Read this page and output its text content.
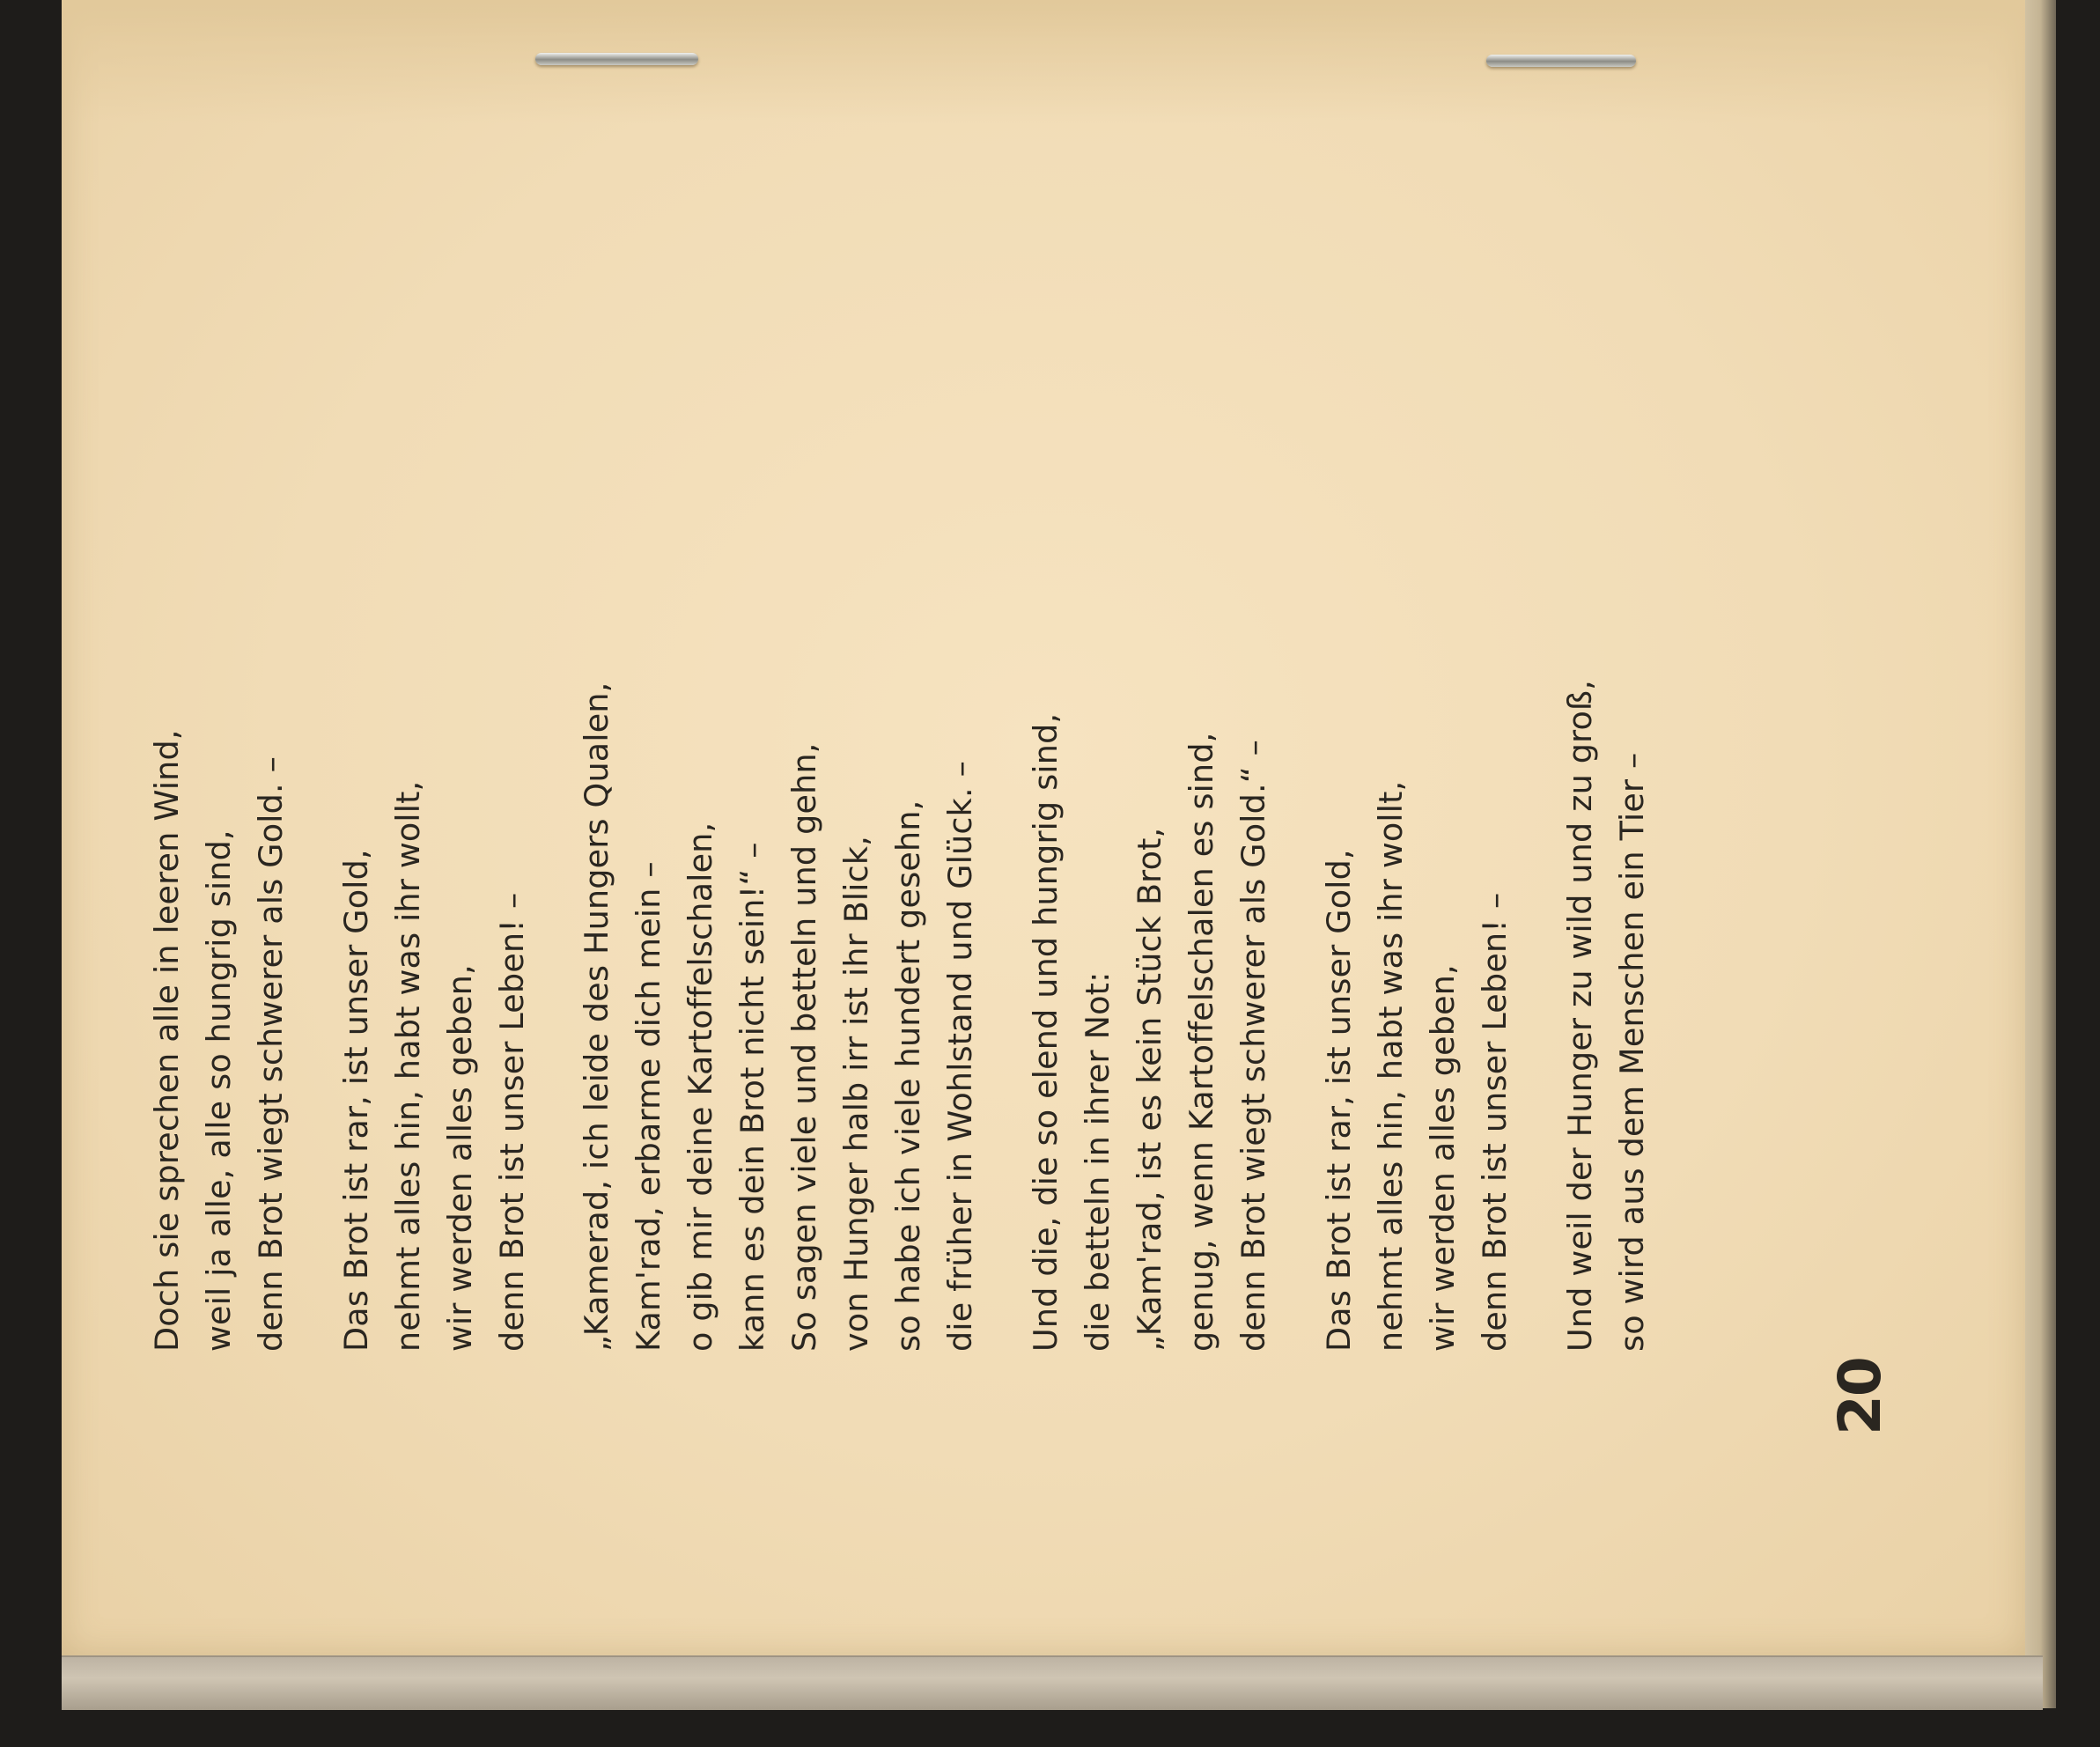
Doch sie sprechen alle in leeren Wind, weil ja alle, alle so hungrig sind, denn Brot wiegt schwerer als Gold. – Das Brot ist rar, ist unser Gold, nehmt alles hin, habt was ihr wollt, wir werden alles geben, denn Brot ist unser Leben! – „Kamerad, ich leide des Hungers Qualen, Kam'rad, erbarme dich mein – o gib mir deine Kartoffelschalen, kann es dein Brot nicht sein!“ – So sagen viele und betteln und gehn, von Hunger halb irr ist ihr Blick, so habe ich viele hundert gesehn, die früher in Wohlstand und Glück. – Und die, die so elend und hungrig sind, die betteln in ihrer Not: „Kam'rad, ist es kein Stück Brot, genug, wenn Kartoffelschalen es sind, denn Brot wiegt schwerer als Gold.“ – Das Brot ist rar, ist unser Gold, nehmt alles hin, habt was ihr wollt, wir werden alles geben, denn Brot ist unser Leben! – Und weil der Hunger zu wild und zu groß, so wird aus dem Menschen ein Tier –
20
